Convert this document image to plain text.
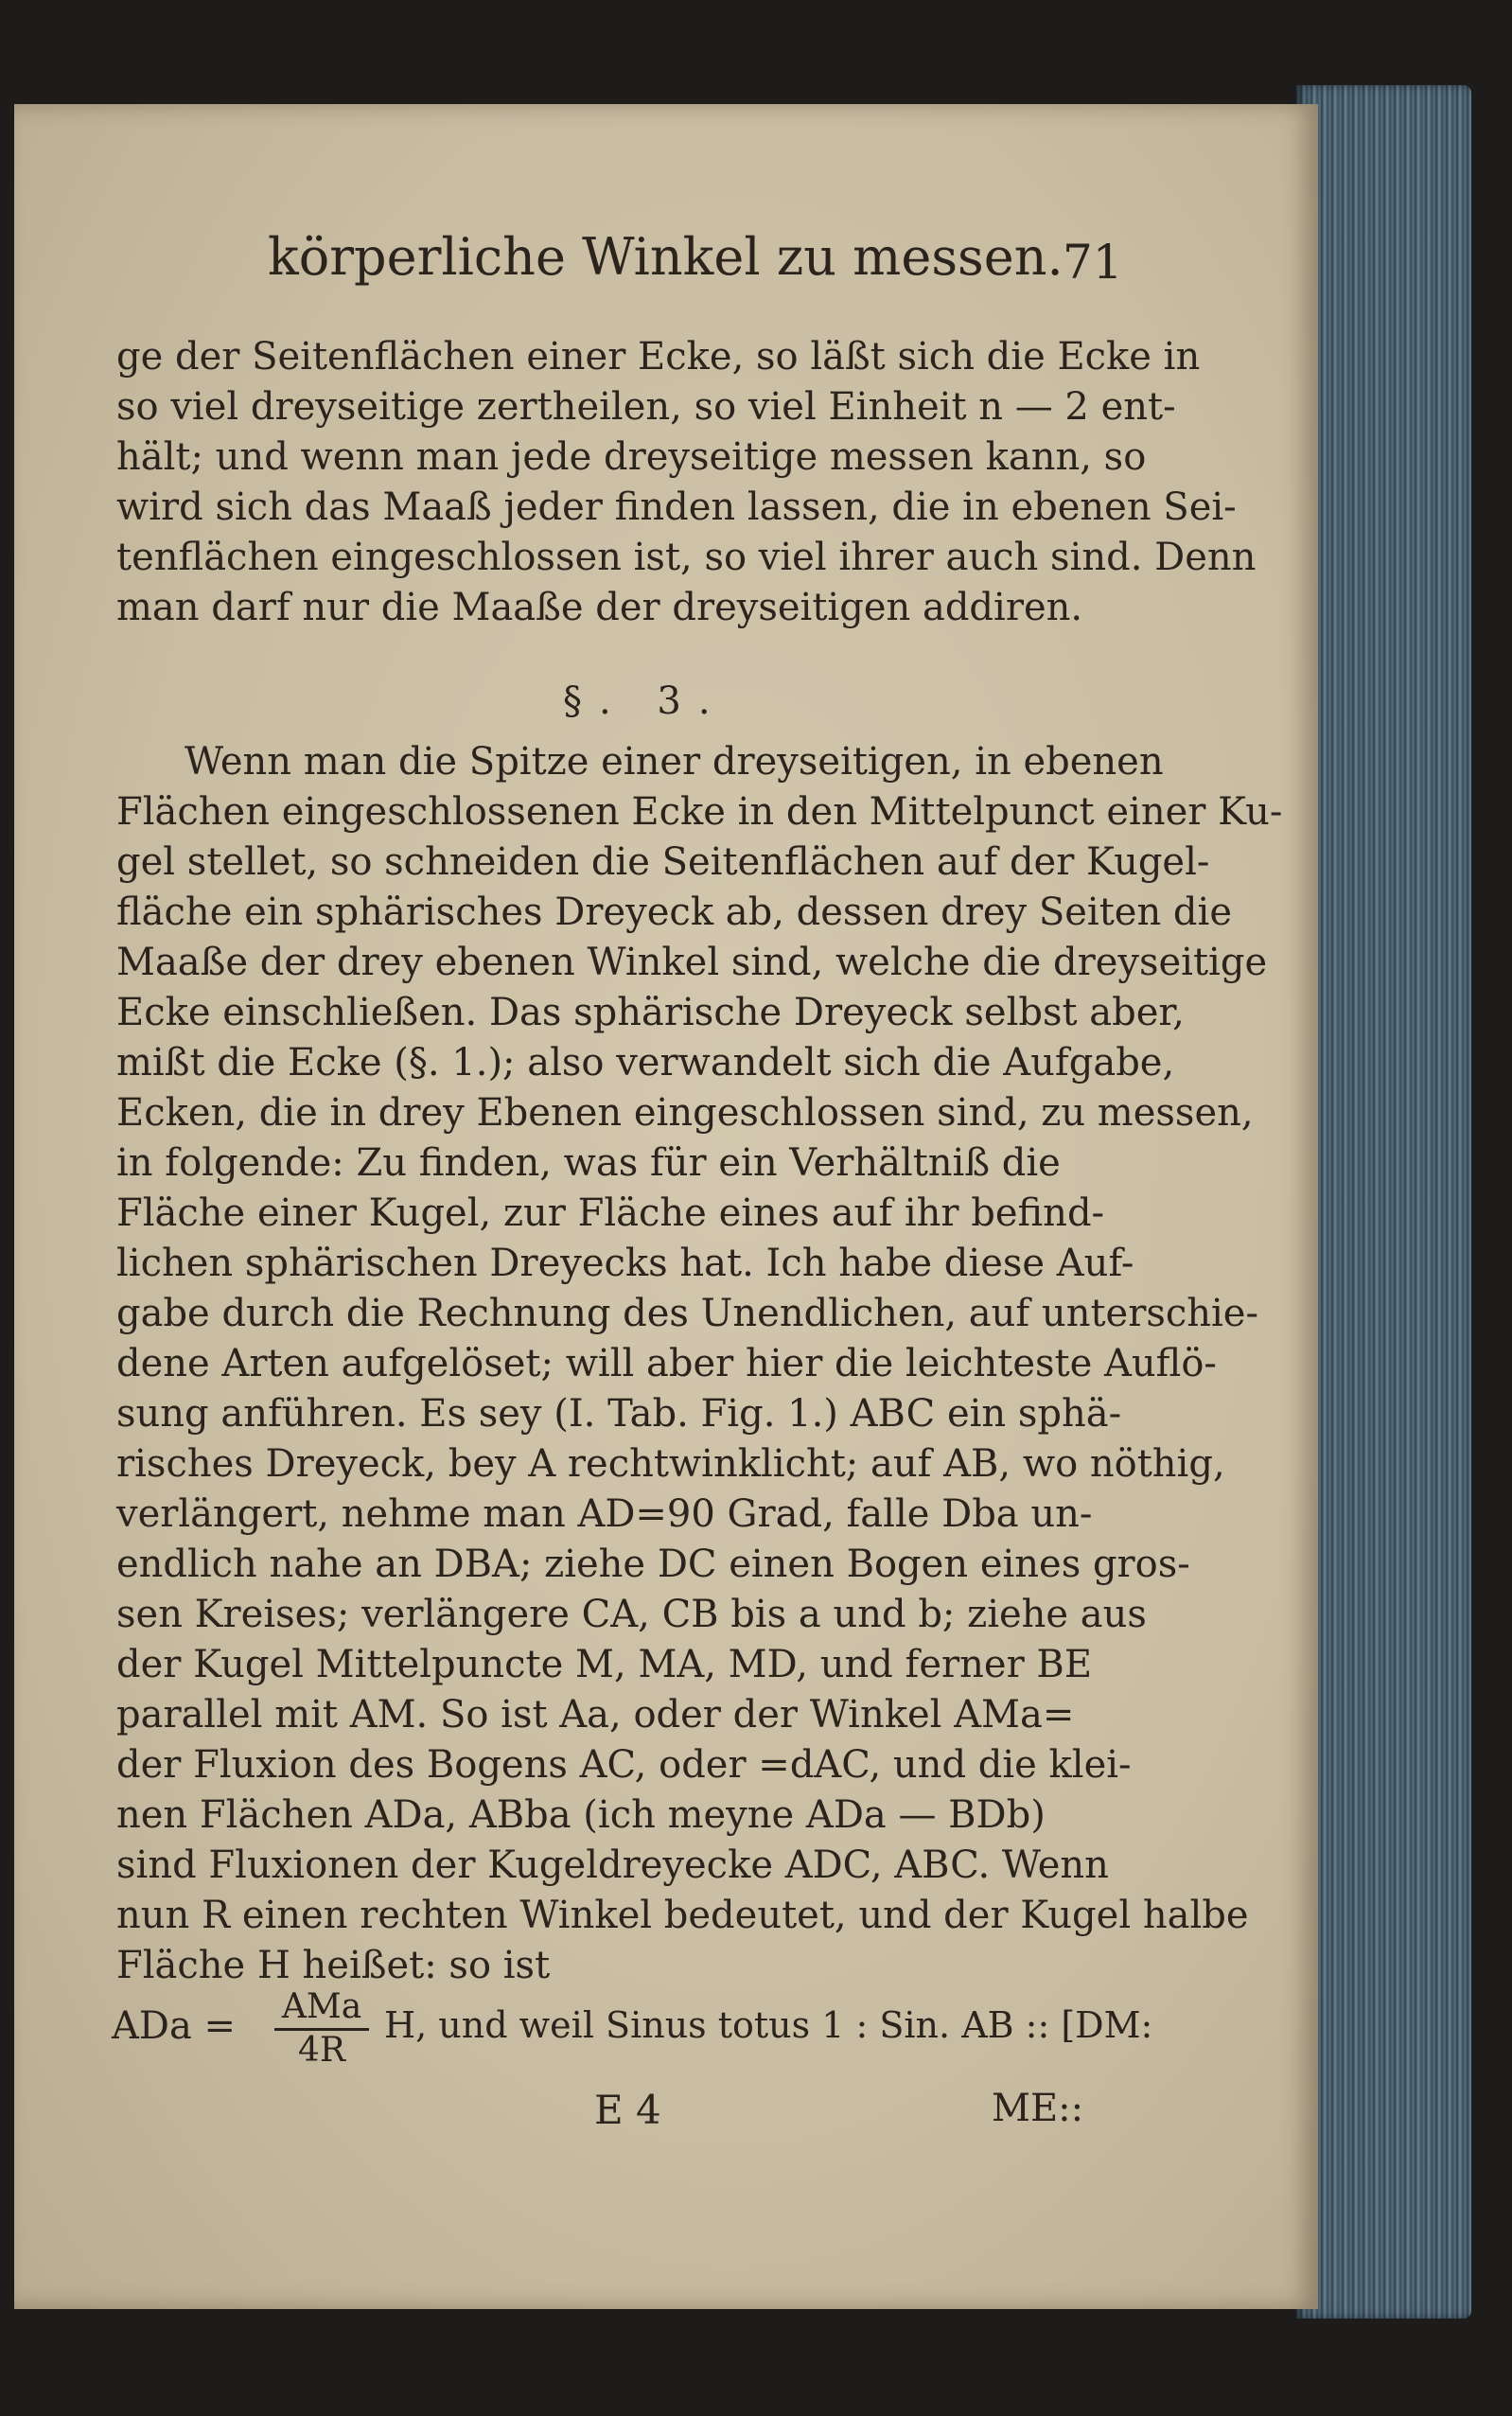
körperliche Winkel zu messen. 71
ge der Seitenflächen einer Ecke, so läßt sich die Ecke in
so viel dreyseitige zertheilen, so viel Einheit n — 2 ent-
hält; und wenn man jede dreyseitige messen kann, so
wird sich das Maaß jeder finden lassen, die in ebenen Sei-
tenflächen eingeschlossen ist, so viel ihrer auch sind. Denn
man darf nur die Maaße der dreyseitigen addiren.
§. 3.
Wenn man die Spitze einer dreyseitigen, in ebenen
Flächen eingeschlossenen Ecke in den Mittelpunct einer Ku-
gel stellet, so schneiden die Seitenflächen auf der Kugel-
fläche ein sphärisches Dreyeck ab, dessen drey Seiten die
Maaße der drey ebenen Winkel sind, welche die dreyseitige
Ecke einschließen. Das sphärische Dreyeck selbst aber,
mißt die Ecke (§. 1.); also verwandelt sich die Aufgabe,
Ecken, die in drey Ebenen eingeschlossen sind, zu messen,
in folgende: Zu finden, was für ein Verhältniß die
Fläche einer Kugel, zur Fläche eines auf ihr befind-
lichen sphärischen Dreyecks hat. Ich habe diese Auf-
gabe durch die Rechnung des Unendlichen, auf unterschie-
dene Arten aufgelöset; will aber hier die leichteste Auflö-
sung anführen. Es sey (I. Tab. Fig. 1.) ABC ein sphä-
risches Dreyeck, bey A rechtwinklicht; auf AB, wo nöthig,
verlängert, nehme man AD=90 Grad, falle Dba un-
endlich nahe an DBA; ziehe DC einen Bogen eines gros-
sen Kreises; verlängere CA, CB bis a und b; ziehe aus
der Kugel Mittelpuncte M, MA, MD, und ferner BE
parallel mit AM. So ist Aa, oder der Winkel AMa=
der Fluxion des Bogens AC, oder =dAC, und die klei-
nen Flächen ADa, ABba (ich meyne ADa — BDb)
sind Fluxionen der Kugeldreyecke ADC, ABC. Wenn
nun R einen rechten Winkel bedeutet, und der Kugel halbe
ADa = AMa
4R
H, und weil Sinus totus 1 : Sin. AB :: [DM:
E 4	ME::
Fläche H heißet: so ist
